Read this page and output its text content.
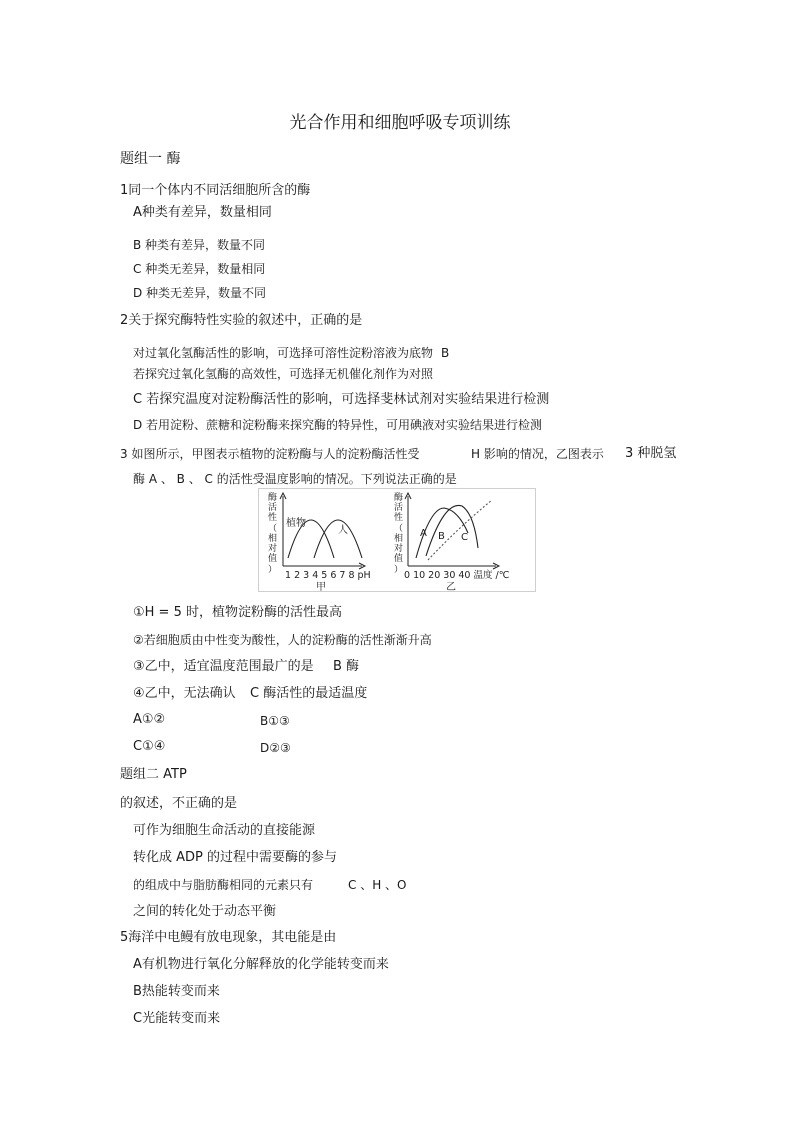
光合作用和细胞呼吸专项训练
题组一 酶
1同一个体内不同活细胞所含的酶
A种类有差异，数量相同
B 种类有差异，数量不同
C 种类无差异，数量相同
D 种类无差异，数量不同
2关于探究酶特性实验的叙述中，正确的是
对过氧化氢酶活性的影响，可选择可溶性淀粉溶液为底物 B
若探究过氧化氢酶的高效性，可选择无机催化剂作为对照
C 若探究温度对淀粉酶活性的影响，可选择斐林试剂对实验结果进行检测
D 若用淀粉、蔗糖和淀粉酶来探究酶的特异性，可用碘液对实验结果进行检测
3 如图所示，甲图表示植物的淀粉酶与人的淀粉酶活性受	H 影响的情况，乙图表示 3 种脱氢
酶 A 、 B 、 C 的活性受温度影响的情况。下列说法正确的是
酶
活
性
（
相
对
值
）
植物
人
1 2 3 4 5 6 7 8 pH
甲
酶
活
性
（
相
对
值
）
A B C
0 10 20 30 40 温度 /℃
乙
①H = 5 时，植物淀粉酶的活性最高
②若细胞质由中性变为酸性，人的淀粉酶的活性渐渐升高
③乙中，适宜温度范围最广的是 B 酶
④乙中，无法确认 C 酶活性的最适温度
A①②	B①③
C①④	D②③
题组二 ATP
的叙述，不正确的是
可作为细胞生命活动的直接能源
转化成 ADP 的过程中需要酶的参与
的组成中与脂肪酶相同的元素只有	C 、H 、O
之间的转化处于动态平衡
5海洋中电鳗有放电现象，其电能是由
A有机物进行氧化分解释放的化学能转变而来
B热能转变而来
C光能转变而来
